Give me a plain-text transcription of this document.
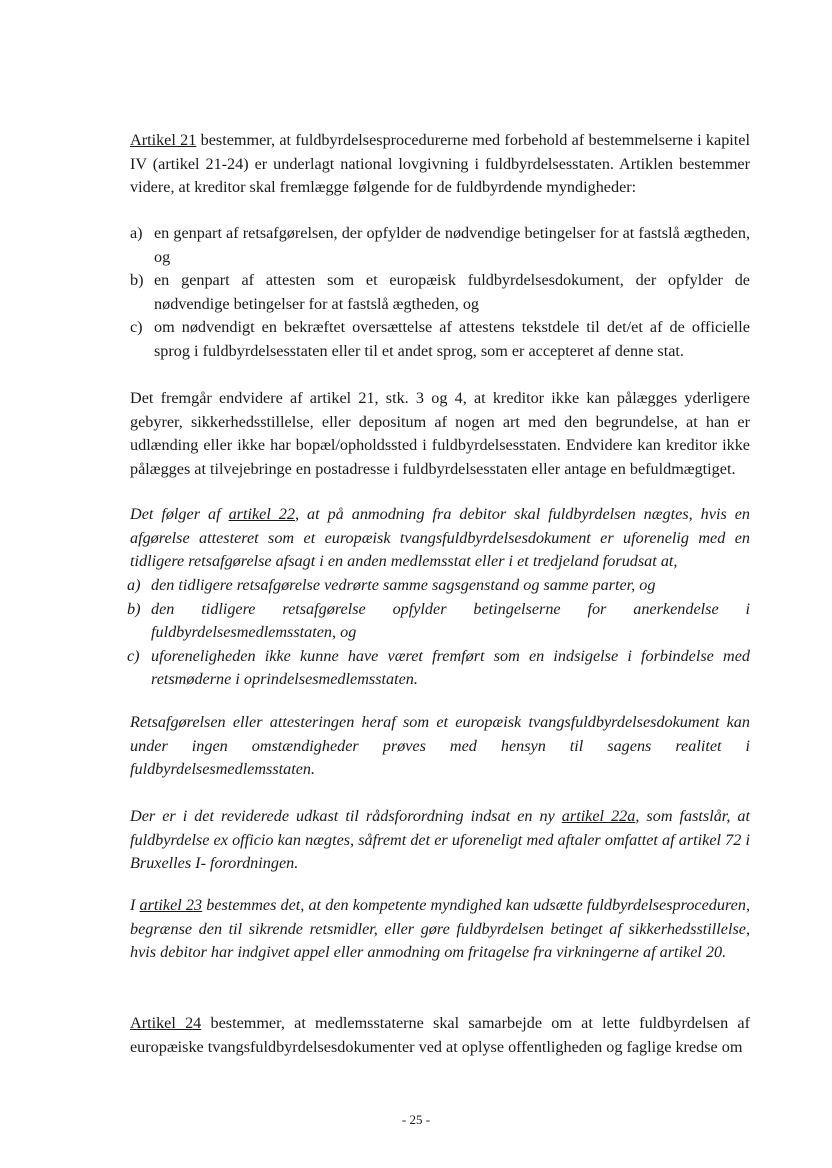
Artikel 21 bestemmer, at fuldbyrdelsesprocedurerne med forbehold af bestemmelserne i kapitel IV (artikel 21-24) er underlagt national lovgivning i fuldbyrdelsesstaten. Artiklen bestemmer videre, at kreditor skal fremlægge følgende for de fuldbyrdende myndigheder:

a) en genpart af retsafgørelsen, der opfylder de nødvendige betingelser for at fastslå ægtheden, og
b) en genpart af attesten som et europæisk fuldbyrdelsesdokument, der opfylder de nødvendige betingelser for at fastslå ægtheden, og
c) om nødvendigt en bekræftet oversættelse af attestens tekstdele til det/et af de officielle sprog i fuldbyrdelsesstaten eller til et andet sprog, som er accepteret af denne stat.

Det fremgår endvidere af artikel 21, stk. 3 og 4, at kreditor ikke kan pålægges yderligere gebyrer, sikkerhedsstillelse, eller depositum af nogen art med den begrundelse, at han er udlænding eller ikke har bopæl/opholdssted i fuldbyrdelsesstaten. Endvidere kan kreditor ikke pålægges at tilvejebringe en postadresse i fuldbyrdelsesstaten eller antage en befuldmægtiget.

Det følger af artikel 22, at på anmodning fra debitor skal fuldbyrdelsen nægtes, hvis en afgørelse attesteret som et europæisk tvangsfuldbyrdelsesdokument er uforenelig med en tidligere retsafgørelse afsagt i en anden medlemsstat eller i et tredjeland forudsat at,

a) den tidligere retsafgørelse vedrørte samme sagsgenstand og samme parter, og
b) den tidligere retsafgørelse opfylder betingelserne for anerkendelse i fuldbyrdelsesmedlemsstaten, og
c) uforeneligheden ikke kunne have været fremført som en indsigelse i forbindelse med retsmøderne i oprindelsesmedlemsstaten.

Retsafgørelsen eller attesteringen heraf som et europæisk tvangsfuldbyrdelsesdokument kan under ingen omstændigheder prøves med hensyn til sagens realitet i fuldbyrdelsesmedlemsstaten.

Der er i det reviderede udkast til rådsforordning indsat en ny artikel 22a, som fastslår, at fuldbyrdelse ex officio kan nægtes, såfremt det er uforeneligt med aftaler omfattet af artikel 72 i Bruxelles I- forordningen.

I artikel 23 bestemmes det, at den kompetente myndighed kan udsætte fuldbyrdelsesproceduren, begrænse den til sikrende retsmidler, eller gøre fuldbyrdelsen betinget af sikkerhedsstillelse, hvis debitor har indgivet appel eller anmodning om fritagelse fra virkningerne af artikel 20.

Artikel 24 bestemmer, at medlemsstaterne skal samarbejde om at lette fuldbyrdelsen af europæiske tvangsfuldbyrdelsesdokumenter ved at oplyse offentligheden og faglige kredse om

- 25 -
